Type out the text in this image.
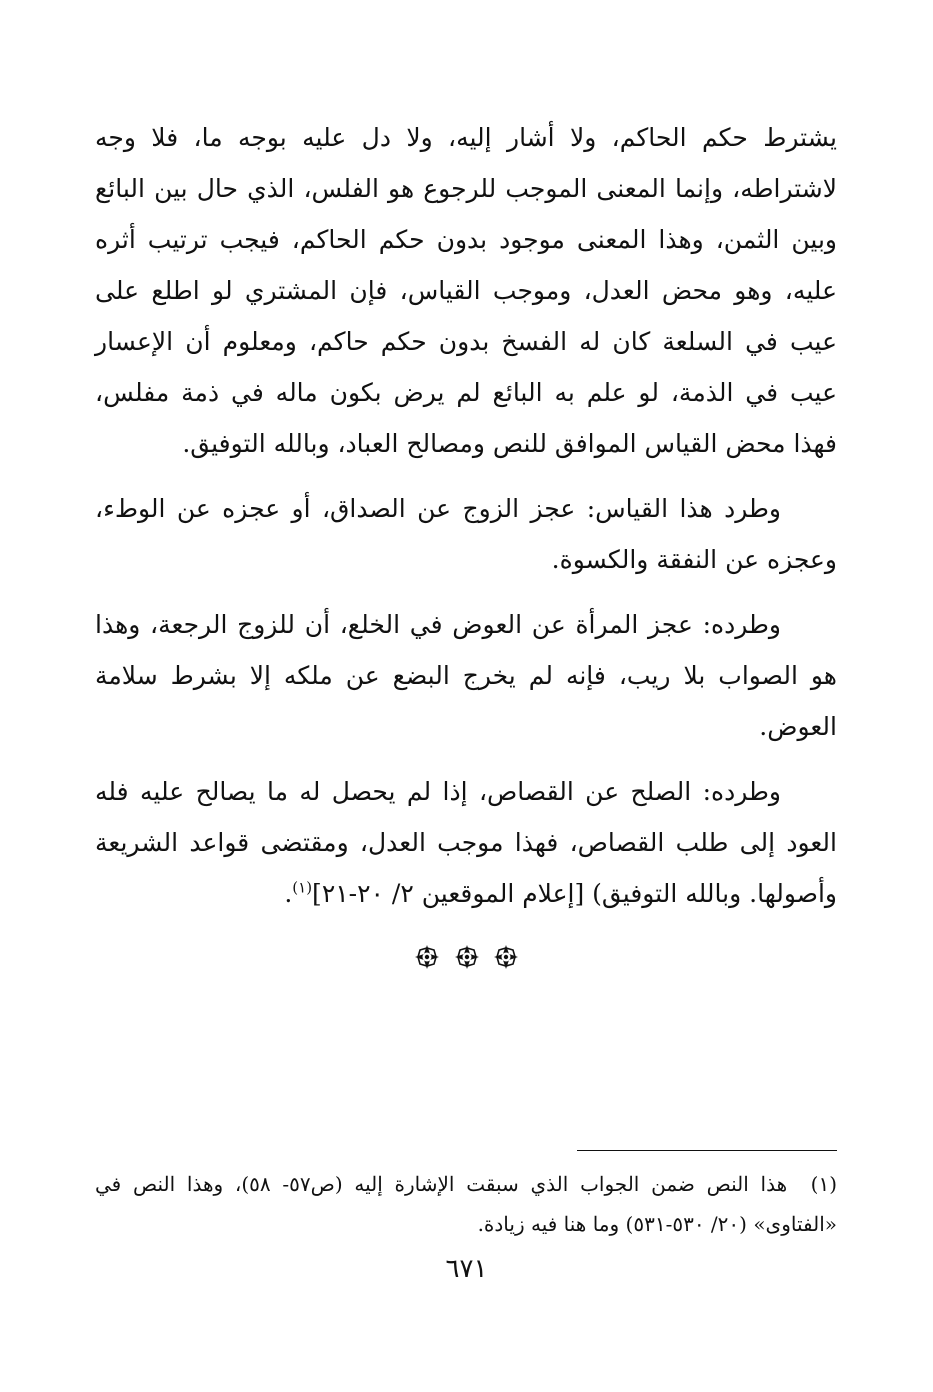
يشترط حكم الحاكم، ولا أشار إليه، ولا دل عليه بوجه ما، فلا وجه لاشتراطه، وإنما المعنى الموجب للرجوع هو الفلس، الذي حال بين البائع وبين الثمن، وهذا المعنى موجود بدون حكم الحاكم، فيجب ترتيب أثره عليه، وهو محض العدل، وموجب القياس، فإن المشتري لو اطلع على عيب في السلعة كان له الفسخ بدون حكم حاكم، ومعلوم أن الإعسار عيب في الذمة، لو علم به البائع لم يرض بكون ماله في ذمة مفلس، فهذا محض القياس الموافق للنص ومصالح العباد، وبالله التوفيق.

وطرد هذا القياس: عجز الزوج عن الصداق، أو عجزه عن الوطء، وعجزه عن النفقة والكسوة.

وطرده: عجز المرأة عن العوض في الخلع، أن للزوج الرجعة، وهذا هو الصواب بلا ريب، فإنه لم يخرج البضع عن ملكه إلا بشرط سلامة العوض.

وطرده: الصلح عن القصاص، إذا لم يحصل له ما يصالح عليه فله العود إلى طلب القصاص، فهذا موجب العدل، ومقتضى قواعد الشريعة وأصولها. وبالله التوفيق) [إعلام الموقعين ٢/ ٢٠-٢١]$^{(١)}$.

(١)  هذا النص ضمن الجواب الذي سبقت الإشارة إليه (ص٥٧- ٥٨)، وهذا النص في «الفتاوى» (٢٠/ ٥٣٠-٥٣١) وما هنا فيه زيادة.

٦٧١
